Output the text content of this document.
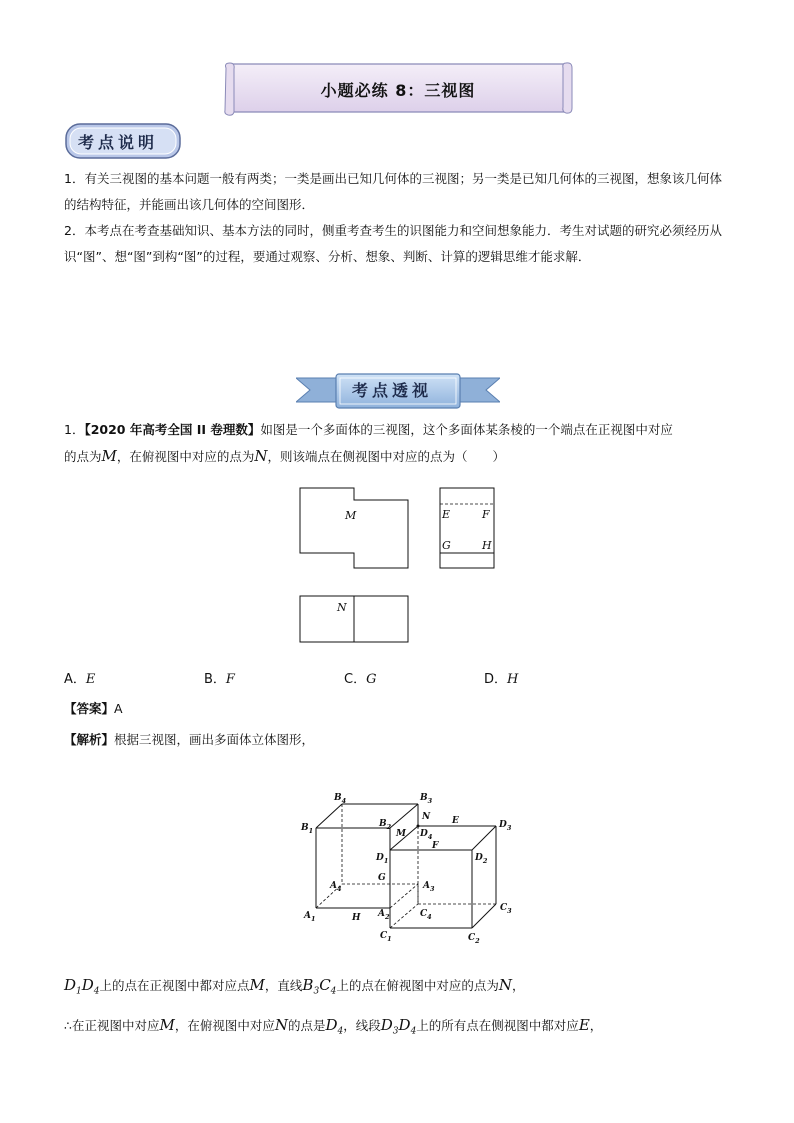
小题必练 8：三视图
考点说明

1．有关三视图的基本问题一般有两类；一类是画出已知几何体的三视图；另一类是已知几何体的三视图，想象该几何体的结构特征，并能画出该几何体的空间图形．

2．本考点在考查基础知识、基本方法的同时，侧重考查考生的识图能力和空间想象能力．考生对试题的研究必须经历从识“图”、想“图”到构“图”的过程，要通过观察、分析、想象、判断、计算的逻辑思维才能求解．

考点透视

1．【2020 年高考全国 II 卷理数】如图是一个多面体的三视图，这个多面体某条棱的一个端点在正视图中对应

的点为M，在俯视图中对应的点为N，则该端点在侧视图中对应的点为（　　）

M	E	F
G	H
N
A．E	B．F	C．G	D．H
【答案】A
【解析】根据三视图，画出多面体立体图形，
$B_4$	$B_3$
N
$B_1$
$B_2$
M $D_4$
E	$D_3$
$D_1$
F
$D_2$
G
$A_4$	$A_3$
$A_1$	H $A_2$	$C_4$
$C_3$
$C_1$	$C_2$
$D_1D_4$上的点在正视图中都对应点M，直线$B_3C_4$上的点在俯视图中对应的点为N，
∴在正视图中对应M，在俯视图中对应N的点是$D_4$，线段$D_3D_4$上的所有点在侧视图中都对应E，
